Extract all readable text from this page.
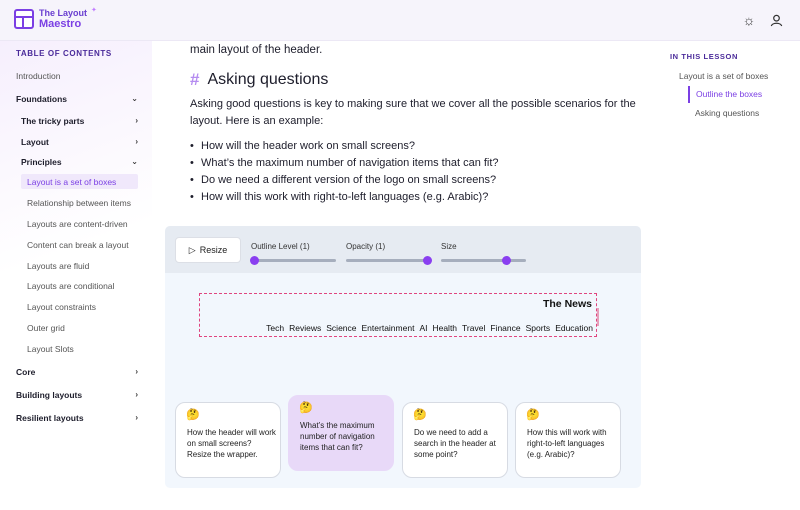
The Layout
Maestro
✦
☼
TABLE OF CONTENTS
Introduction
Foundations	⌄
The tricky parts	›
Layout	›
Principles	⌄
Layout is a set of boxes
Relationship between items
Layouts are content-driven
Content can break a layout
Layouts are fluid
Layouts are conditional
Layout constraints
Outer grid
Layout Slots
Core	›
Building layouts	›
Resilient layouts	›
main layout of the header.
# Asking questions
Asking good questions is key to making sure that we cover all the possible scenarios for the layout. Here is an example:
• How will the header work on small screens?
• What’s the maximum number of navigation items that can fit?
• Do we need a different version of the logo on small screens?
• How will this work with right-to-left languages (e.g. Arabic)?
▷ Resize	Outline Level (1)	Opacity (1)	Size
The News
Tech Reviews Science Entertainment AI Health Travel Finance Sports Education
🤔
How the header will work on small screens? Resize the wrapper.
🤔
What’s the maximum number of navigation items that can fit?
🤔
Do we need to add a search in the header at some point?
🤔
How this will work with right-to-left languages (e.g. Arabic)?
IN THIS LESSON
Layout is a set of boxes
Outline the boxes
Asking questions
